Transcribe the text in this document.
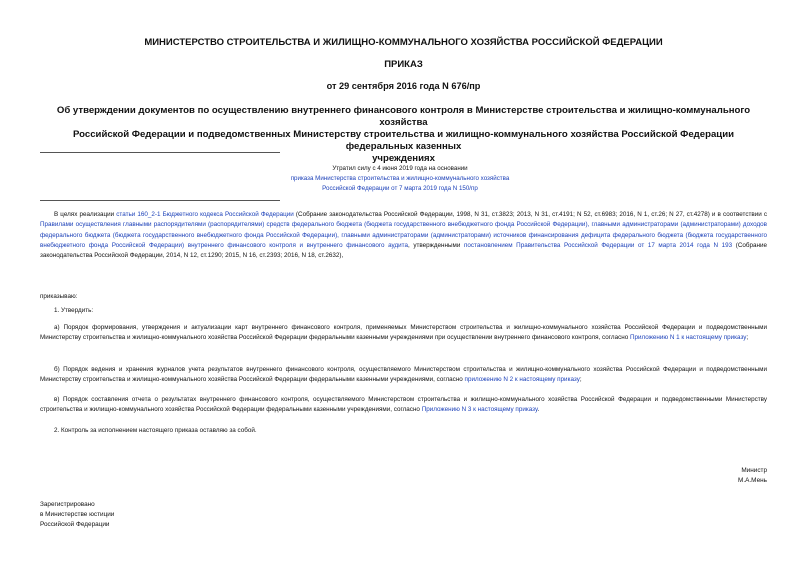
МИНИСТЕРСТВО СТРОИТЕЛЬСТВА И ЖИЛИЩНО-КОММУНАЛЬНОГО ХОЗЯЙСТВА РОССИЙСКОЙ ФЕДЕРАЦИИ
ПРИКАЗ
от 29 сентября 2016 года N 676/пр
Об утверждении документов по осуществлению внутреннего финансового контроля в Министерстве строительства и жилищно-коммунального хозяйства
Российской Федерации и подведомственных Министерству строительства и жилищно-коммунального хозяйства Российской Федерации федеральных казенных
учреждениях
Утратил силу с 4 июня 2019 года на основании
приказа Министерства строительства и жилищно-коммунального хозяйства
Российской Федерации от 7 марта 2019 года N 150/пр

В целях реализации статьи 160_2-1 Бюджетного кодекса Российской Федерации (Собрание законодательства Российской Федерации, 1998, N 31, ст.3823; 2013, N 31, ст.4191; N 52, ст.6983; 2016, N 1, ст.26; N 27, ст.4278) и в соответствии с Правилами осуществления главными распорядителями (распорядителями) средств федерального бюджета (бюджета государственного внебюджетного фонда Российской Федерации), главными администраторами (администраторами) доходов федерального бюджета (бюджета государственного внебюджетного фонда Российской Федерации), главными администраторами (администраторами) источников финансирования дефицита федерального бюджета (бюджета государственного внебюджетного фонда Российской Федерации) внутреннего финансового контроля и внутреннего финансового аудита, утвержденными постановлением Правительства Российской Федерации от 17 марта 2014 года N 193 (Собрание законодательства Российской Федерации, 2014, N 12, ст.1290; 2015, N 16, ст.2393; 2016, N 18, ст.2632),

приказываю:
1. Утвердить:

а) Порядок формирования, утверждения и актуализации карт внутреннего финансового контроля, применяемых Министерством строительства и жилищно-коммунального хозяйства Российской Федерации и подведомственными Министерству строительства и жилищно-коммунального хозяйства Российской Федерации федеральными казенными учреждениями при осуществлении внутреннего финансового контроля, согласно Приложению N 1 к настоящему приказу;

б) Порядок ведения и хранения журналов учета результатов внутреннего финансового контроля, осуществляемого Министерством строительства и жилищно-коммунального хозяйства Российской Федерации и подведомственными Министерству строительства и жилищно-коммунального хозяйства Российской Федерации федеральными казенными учреждениями, согласно приложению N 2 к настоящему приказу;

в) Порядок составления отчета о результатах внутреннего финансового контроля, осуществляемого Министерством строительства и жилищно-коммунального хозяйства Российской Федерации и подведомственными Министерству строительства и жилищно-коммунального хозяйства Российской Федерации федеральными казенными учреждениями, согласно Приложению N 3 к настоящему приказу.

2. Контроль за исполнением настоящего приказа оставляю за собой.
Министр
М.А.Мень
Зарегистрировано
в Министерстве юстиции
Российской Федерации
